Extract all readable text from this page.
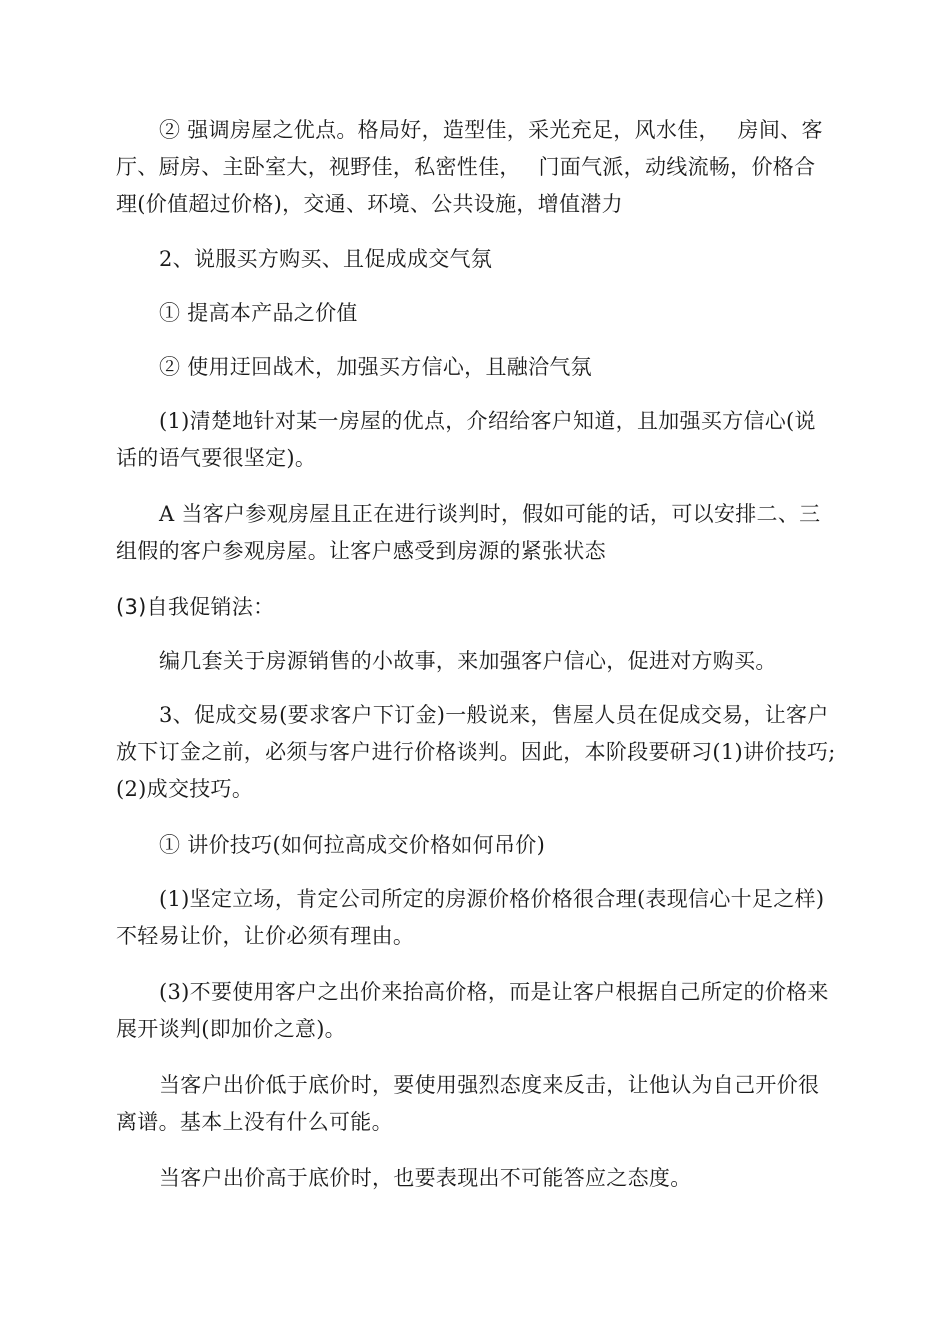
② 强调房屋之优点。格局好，造型佳，采光充足，风水佳，　 房间、客厅、厨房、主卧室大，视野佳，私密性佳，　 门面气派，动线流畅，价格合理(价值超过价格)，交通、环境、公共设施，增值潜力

2、说服买方购买、且促成成交气氛

① 提高本产品之价值

② 使用迂回战术，加强买方信心，且融洽气氛

(1)清楚地针对某一房屋的优点，介绍给客户知道，且加强买方信心(说话的语气要很坚定)。

A 当客户参观房屋且正在进行谈判时，假如可能的话，可以安排二、三组假的客户参观房屋。让客户感受到房源的紧张状态

(3)自我促销法：

编几套关于房源销售的小故事，来加强客户信心，促进对方购买。

3、促成交易(要求客户下订金)一般说来，售屋人员在促成交易，让客户放下订金之前，必须与客户进行价格谈判。因此，本阶段要研习(1)讲价技巧;(2)成交技巧。

① 讲价技巧(如何拉高成交价格如何吊价)

(1)坚定立场，肯定公司所定的房源价格价格很合理(表现信心十足之样)不轻易让价，让价必须有理由。

(3)不要使用客户之出价来抬高价格，而是让客户根据自己所定的价格来展开谈判(即加价之意)。

当客户出价低于底价时，要使用强烈态度来反击，让他认为自己开价很离谱。基本上没有什么可能。

当客户出价高于底价时，也要表现出不可能答应之态度。
